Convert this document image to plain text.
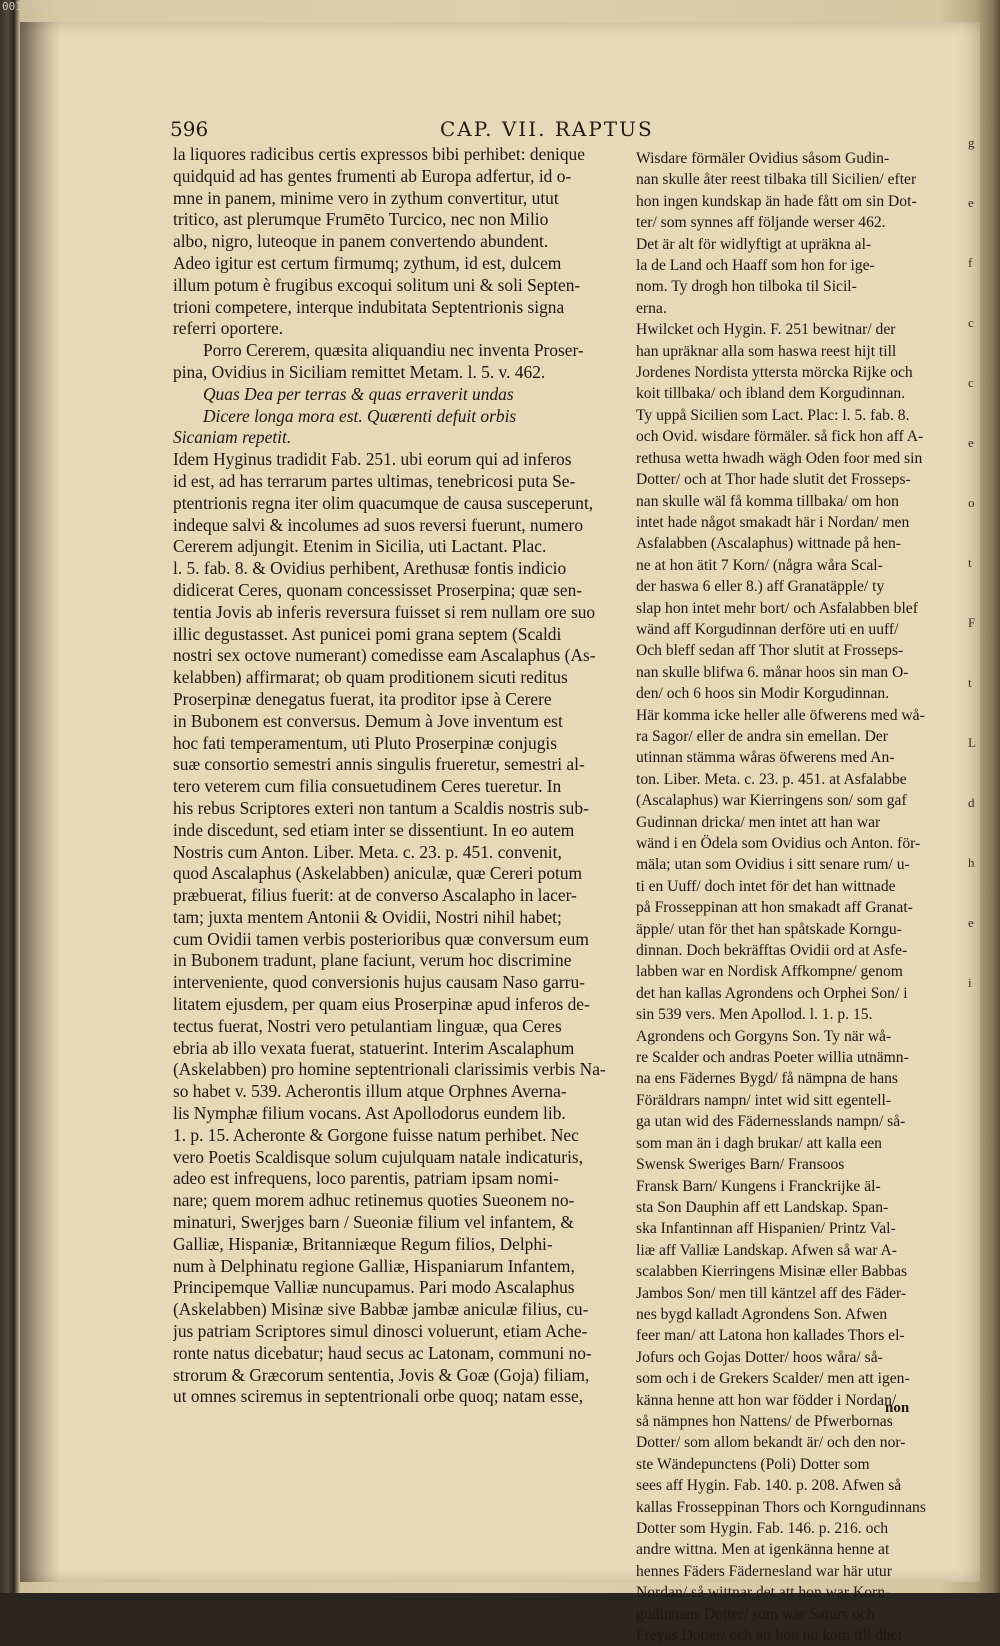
00103275
596	CAP. VII. RAPTUS
la liquores radicibus certis expressos bibi perhibet: denique
quidquid ad has gentes frumenti ab Europa adfertur, id o-
mne in panem, minime vero in zythum convertitur, utut
tritico, ast plerumque Frumēto Turcico, nec non Milio
albo, nigro, luteoque in panem convertendo abundent.
Adeo igitur est certum firmumq; zythum, id est, dulcem
illum potum è frugibus excoqui solitum uni & soli Septen-
trioni competere, interque indubitata Septentrionis signa
referri oportere.
Porro Cererem, quæsita aliquandiu nec inventa Proser-
pina, Ovidius in Siciliam remittet Metam. l. 5. v. 462.
Quas Dea per terras & quas erraverit undas
Dicere longa mora est. Quærenti defuit orbis
Sicaniam repetit.
Idem Hyginus tradidit Fab. 251. ubi eorum qui ad inferos
id est, ad has terrarum partes ultimas, tenebricosi puta Se-
ptentrionis regna iter olim quacumque de causa susceperunt,
indeque salvi & incolumes ad suos reversi fuerunt, numero
Cererem adjungit. Etenim in Sicilia, uti Lactant. Plac.
l. 5. fab. 8. & Ovidius perhibent, Arethusæ fontis indicio
didicerat Ceres, quonam concessisset Proserpina; quæ sen-
tentia Jovis ab inferis reversura fuisset si rem nullam ore suo
illic degustasset. Ast punicei pomi grana septem (Scaldi
nostri sex octove numerant) comedisse eam Ascalaphus (As-
kelabben) affirmarat; ob quam proditionem sicuti reditus
Proserpinæ denegatus fuerat, ita proditor ipse à Cerere
in Bubonem est conversus. Demum à Jove inventum est
hoc fati temperamentum, uti Pluto Proserpinæ conjugis
suæ consortio semestri annis singulis frueretur, semestri al-
tero veterem cum filia consuetudinem Ceres tueretur. In
his rebus Scriptores exteri non tantum a Scaldis nostris sub-
inde discedunt, sed etiam inter se dissentiunt. In eo autem
Nostris cum Anton. Liber. Meta. c. 23. p. 451. convenit,
quod Ascalaphus (Askelabben) aniculæ, quæ Cereri potum
præbuerat, filius fuerit: at de converso Ascalapho in lacer-
tam; juxta mentem Antonii & Ovidii, Nostri nihil habet;
cum Ovidii tamen verbis posterioribus quæ conversum eum
in Bubonem tradunt, plane faciunt, verum hoc discrimine
interveniente, quod conversionis hujus causam Naso garru-
litatem ejusdem, per quam eius Proserpinæ apud inferos de-
tectus fuerat, Nostri vero petulantiam linguæ, qua Ceres
ebria ab illo vexata fuerat, statuerint. Interim Ascalaphum
(Askelabben) pro homine septentrionali clarissimis verbis Na-
so habet v. 539. Acherontis illum atque Orphnes Averna-
lis Nymphæ filium vocans. Ast Apollodorus eundem lib.
1. p. 15. Acheronte & Gorgone fuisse natum perhibet. Nec
vero Poetis Scaldisque solum cujulquam natale indicaturis,
adeo est infrequens, loco parentis, patriam ipsam nomi-
nare; quem morem adhuc retinemus quoties Sueonem no-
minaturi, Swerjges barn / Sueoniæ filium vel infantem, &
Galliæ, Hispaniæ, Britanniæque Regum filios, Delphi-
num à Delphinatu regione Galliæ, Hispaniarum Infantem,
Principemque Valliæ nuncupamus. Pari modo Ascalaphus
(Askelabben) Misinæ sive Babbæ jambæ aniculæ filius, cu-
jus patriam Scriptores simul dinosci voluerunt, etiam Ache-
ronte natus dicebatur; haud secus ac Latonam, communi no-
strorum & Græcorum sententia, Jovis & Goæ (Goja) filiam,
ut omnes sciremus in septentrionali orbe quoq; natam esse,
Wisdare förmäler Ovidius såsom Gudin-
nan skulle åter reest tilbaka till Sicilien/ efter
hon ingen kundskap än hade fått om sin Dot-
ter/ som synnes aff följande werser 462.
Det är alt för widlyftigt at upräkna al-
la de Land och Haaff som hon for ige-
nom. Ty drogh hon tilboka til Sicil-
erna.
Hwilcket och Hygin. F. 251 bewitnar/ der
han upräknar alla som haswa reest hijt till
Jordenes Nordista yttersta mörcka Rijke och
koit tillbaka/ och ibland dem Korgudinnan.
Ty uppå Sicilien som Lact. Plac: l. 5. fab. 8.
och Ovid. wisdare förmäler. så fick hon aff A-
rethusa wetta hwadh wägh Oden foor med sin
Dotter/ och at Thor hade slutit det Frosseps-
nan skulle wäl få komma tillbaka/ om hon
intet hade något smakadt här i Nordan/ men
Asfalabben (Ascalaphus) wittnade på hen-
ne at hon ätit 7 Korn/ (några wåra Scal-
der haswa 6 eller 8.) aff Granatäpple/ ty
slap hon intet mehr bort/ och Asfalabben blef
wänd aff Korgudinnan derföre uti en uuff/
Och bleff sedan aff Thor slutit at Frosseps-
nan skulle blifwa 6. månar hoos sin man O-
den/ och 6 hoos sin Modir Korgudinnan.
Här komma icke heller alle öfwerens med wå-
ra Sagor/ eller de andra sin emellan. Der
utinnan stämma wåras öfwerens med An-
ton. Liber. Meta. c. 23. p. 451. at Asfalabbe
(Ascalaphus) war Kierringens son/ som gaf
Gudinnan dricka/ men intet att han war
wänd i en Ödela som Ovidius och Anton. för-
mäla; utan som Ovidius i sitt senare rum/ u-
ti en Uuff/ doch intet för det han wittnade
på Frosseppinan att hon smakadt aff Granat-
äpple/ utan för thet han spåtskade Korngu-
dinnan. Doch bekräfftas Ovidii ord at Asfe-
labben war en Nordisk Affkompne/ genom
det han kallas Agrondens och Orphei Son/ i
sin 539 vers. Men Apollod. l. 1. p. 15.
Agrondens och Gorgyns Son. Ty när wå-
re Scalder och andras Poeter willia utnämn-
na ens Fädernes Bygd/ få nämpna de hans
Föräldrars nampn/ intet wid sitt egentell-
ga utan wid des Fädernesslands nampn/ så-
som man än i dagh brukar/ att kalla een
Swensk Sweriges Barn/ Fransoos
Fransk Barn/ Kungens i Franckrijke äl-
sta Son Dauphin aff ett Landskap. Span-
ska Infantinnan aff Hispanien/ Printz Val-
liæ aff Valliæ Landskap. Afwen så war A-
scalabben Kierringens Misinæ eller Babbas
Jambos Son/ men till käntzel aff des Fäder-
nes bygd kalladt Agrondens Son. Afwen
feer man/ att Latona hon kallades Thors el-
Jofurs och Gojas Dotter/ hoos wåra/ så-
som och i de Grekers Scalder/ men att igen-
känna henne att hon war födder i Nordan/
så nämpnes hon Nattens/ de Pfwerbornas
Dotter/ som allom bekandt är/ och den nor-
ste Wändepunctens (Poli) Dotter som
sees aff Hygin. Fab. 140. p. 208. Afwen så
kallas Frosseppinan Thors och Korngudinnans
Dotter som Hygin. Fab. 146. p. 216. och
andre wittna. Men at igenkänna henne at
hennes Fäders Fädernesland war här utur
Nordan/ så wittnar det att hon war Korn-
gudinnans Dotter/ som war Saturs och
Freyas Dotter/ och att hon nu kom till dhet
g
e
f
c
c
e
o
t
F
t
L
d
h
e
i
non
